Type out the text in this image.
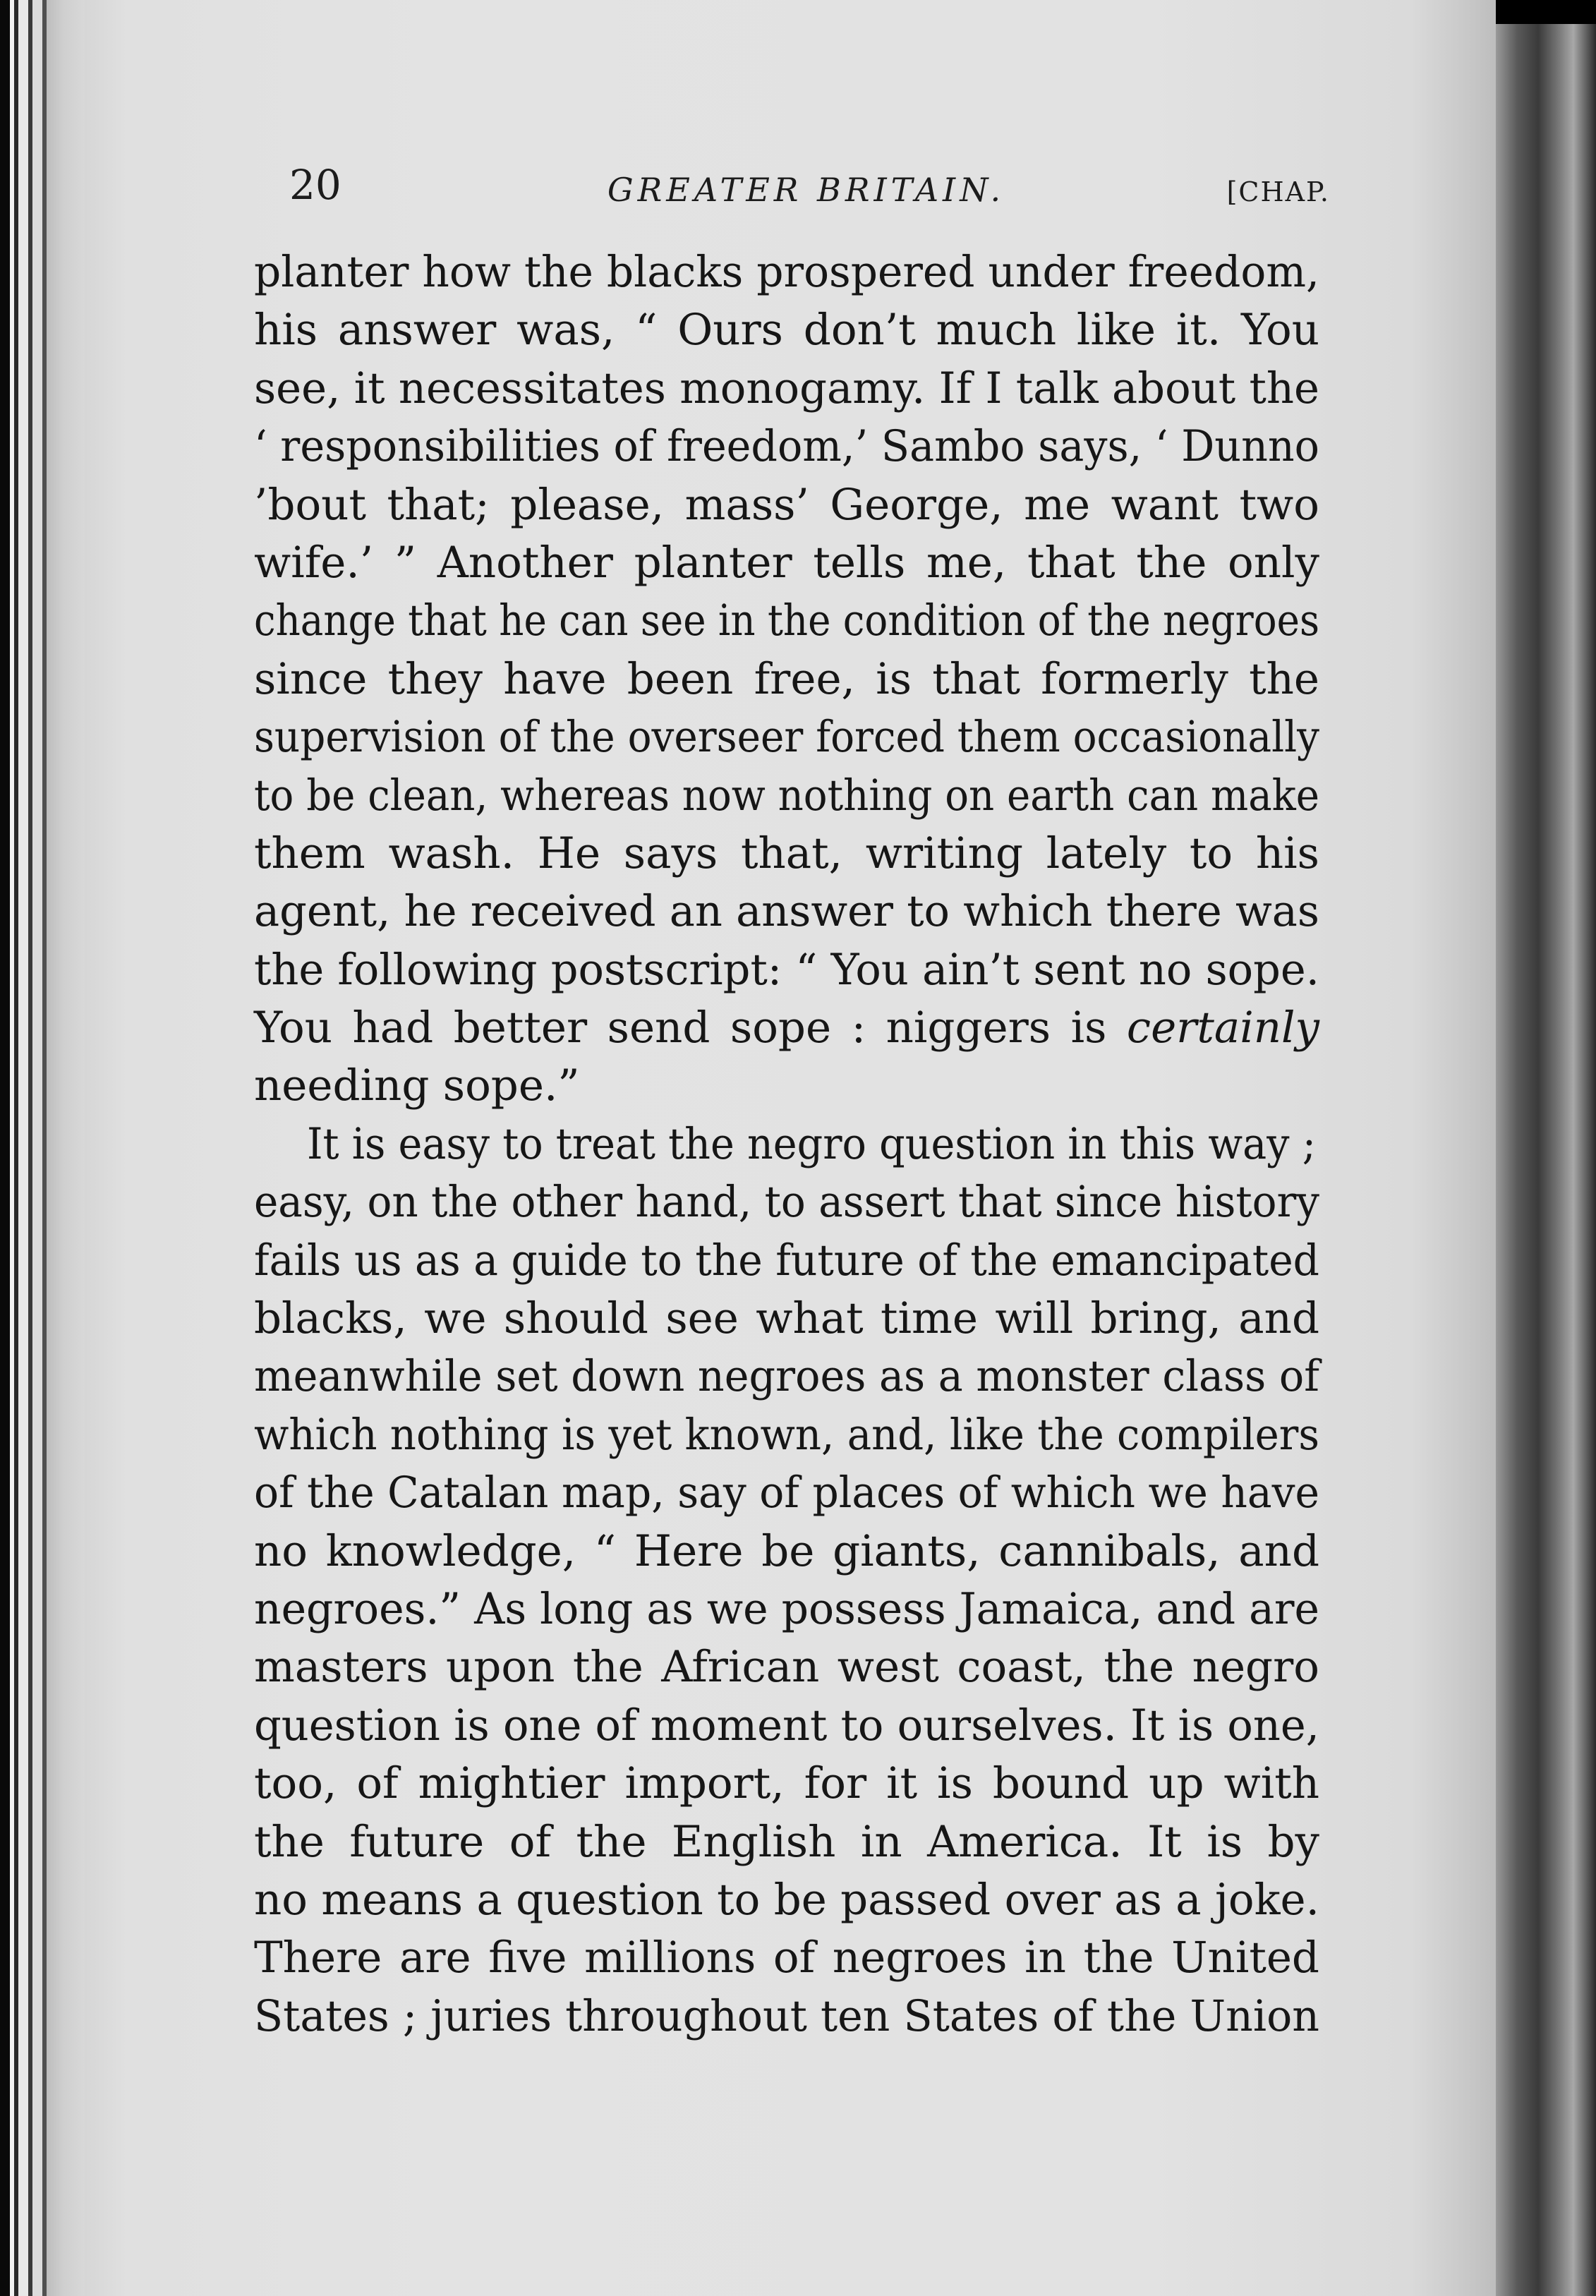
20	GREATER BRITAIN.	[CHAP.
planter how the blacks prospered under freedom,
his answer was, “ Ours don’t much like it. You
see, it necessitates monogamy. If I talk about the
‘ responsibilities of freedom,’ Sambo says, ‘ Dunno
’bout that; please, mass’ George, me want two
wife.’ ” Another planter tells me, that the only
change that he can see in the condition of the negroes
since they have been free, is that formerly the
supervision of the overseer forced them occasionally
to be clean, whereas now nothing on earth can make
them wash. He says that, writing lately to his
agent, he received an answer to which there was
the following postscript: “ You ain’t sent no sope.
You had better send sope : niggers is certainly
needing sope.”
It is easy to treat the negro question in this way ;
easy, on the other hand, to assert that since history
fails us as a guide to the future of the emancipated
blacks, we should see what time will bring, and
meanwhile set down negroes as a monster class of
which nothing is yet known, and, like the compilers
of the Catalan map, say of places of which we have
no knowledge, “ Here be giants, cannibals, and
negroes.” As long as we possess Jamaica, and are
masters upon the African west coast, the negro
question is one of moment to ourselves. It is one,
too, of mightier import, for it is bound up with
the future of the English in America. It is by
no means a question to be passed over as a joke.
There are five millions of negroes in the United
States ; juries throughout ten States of the Union
